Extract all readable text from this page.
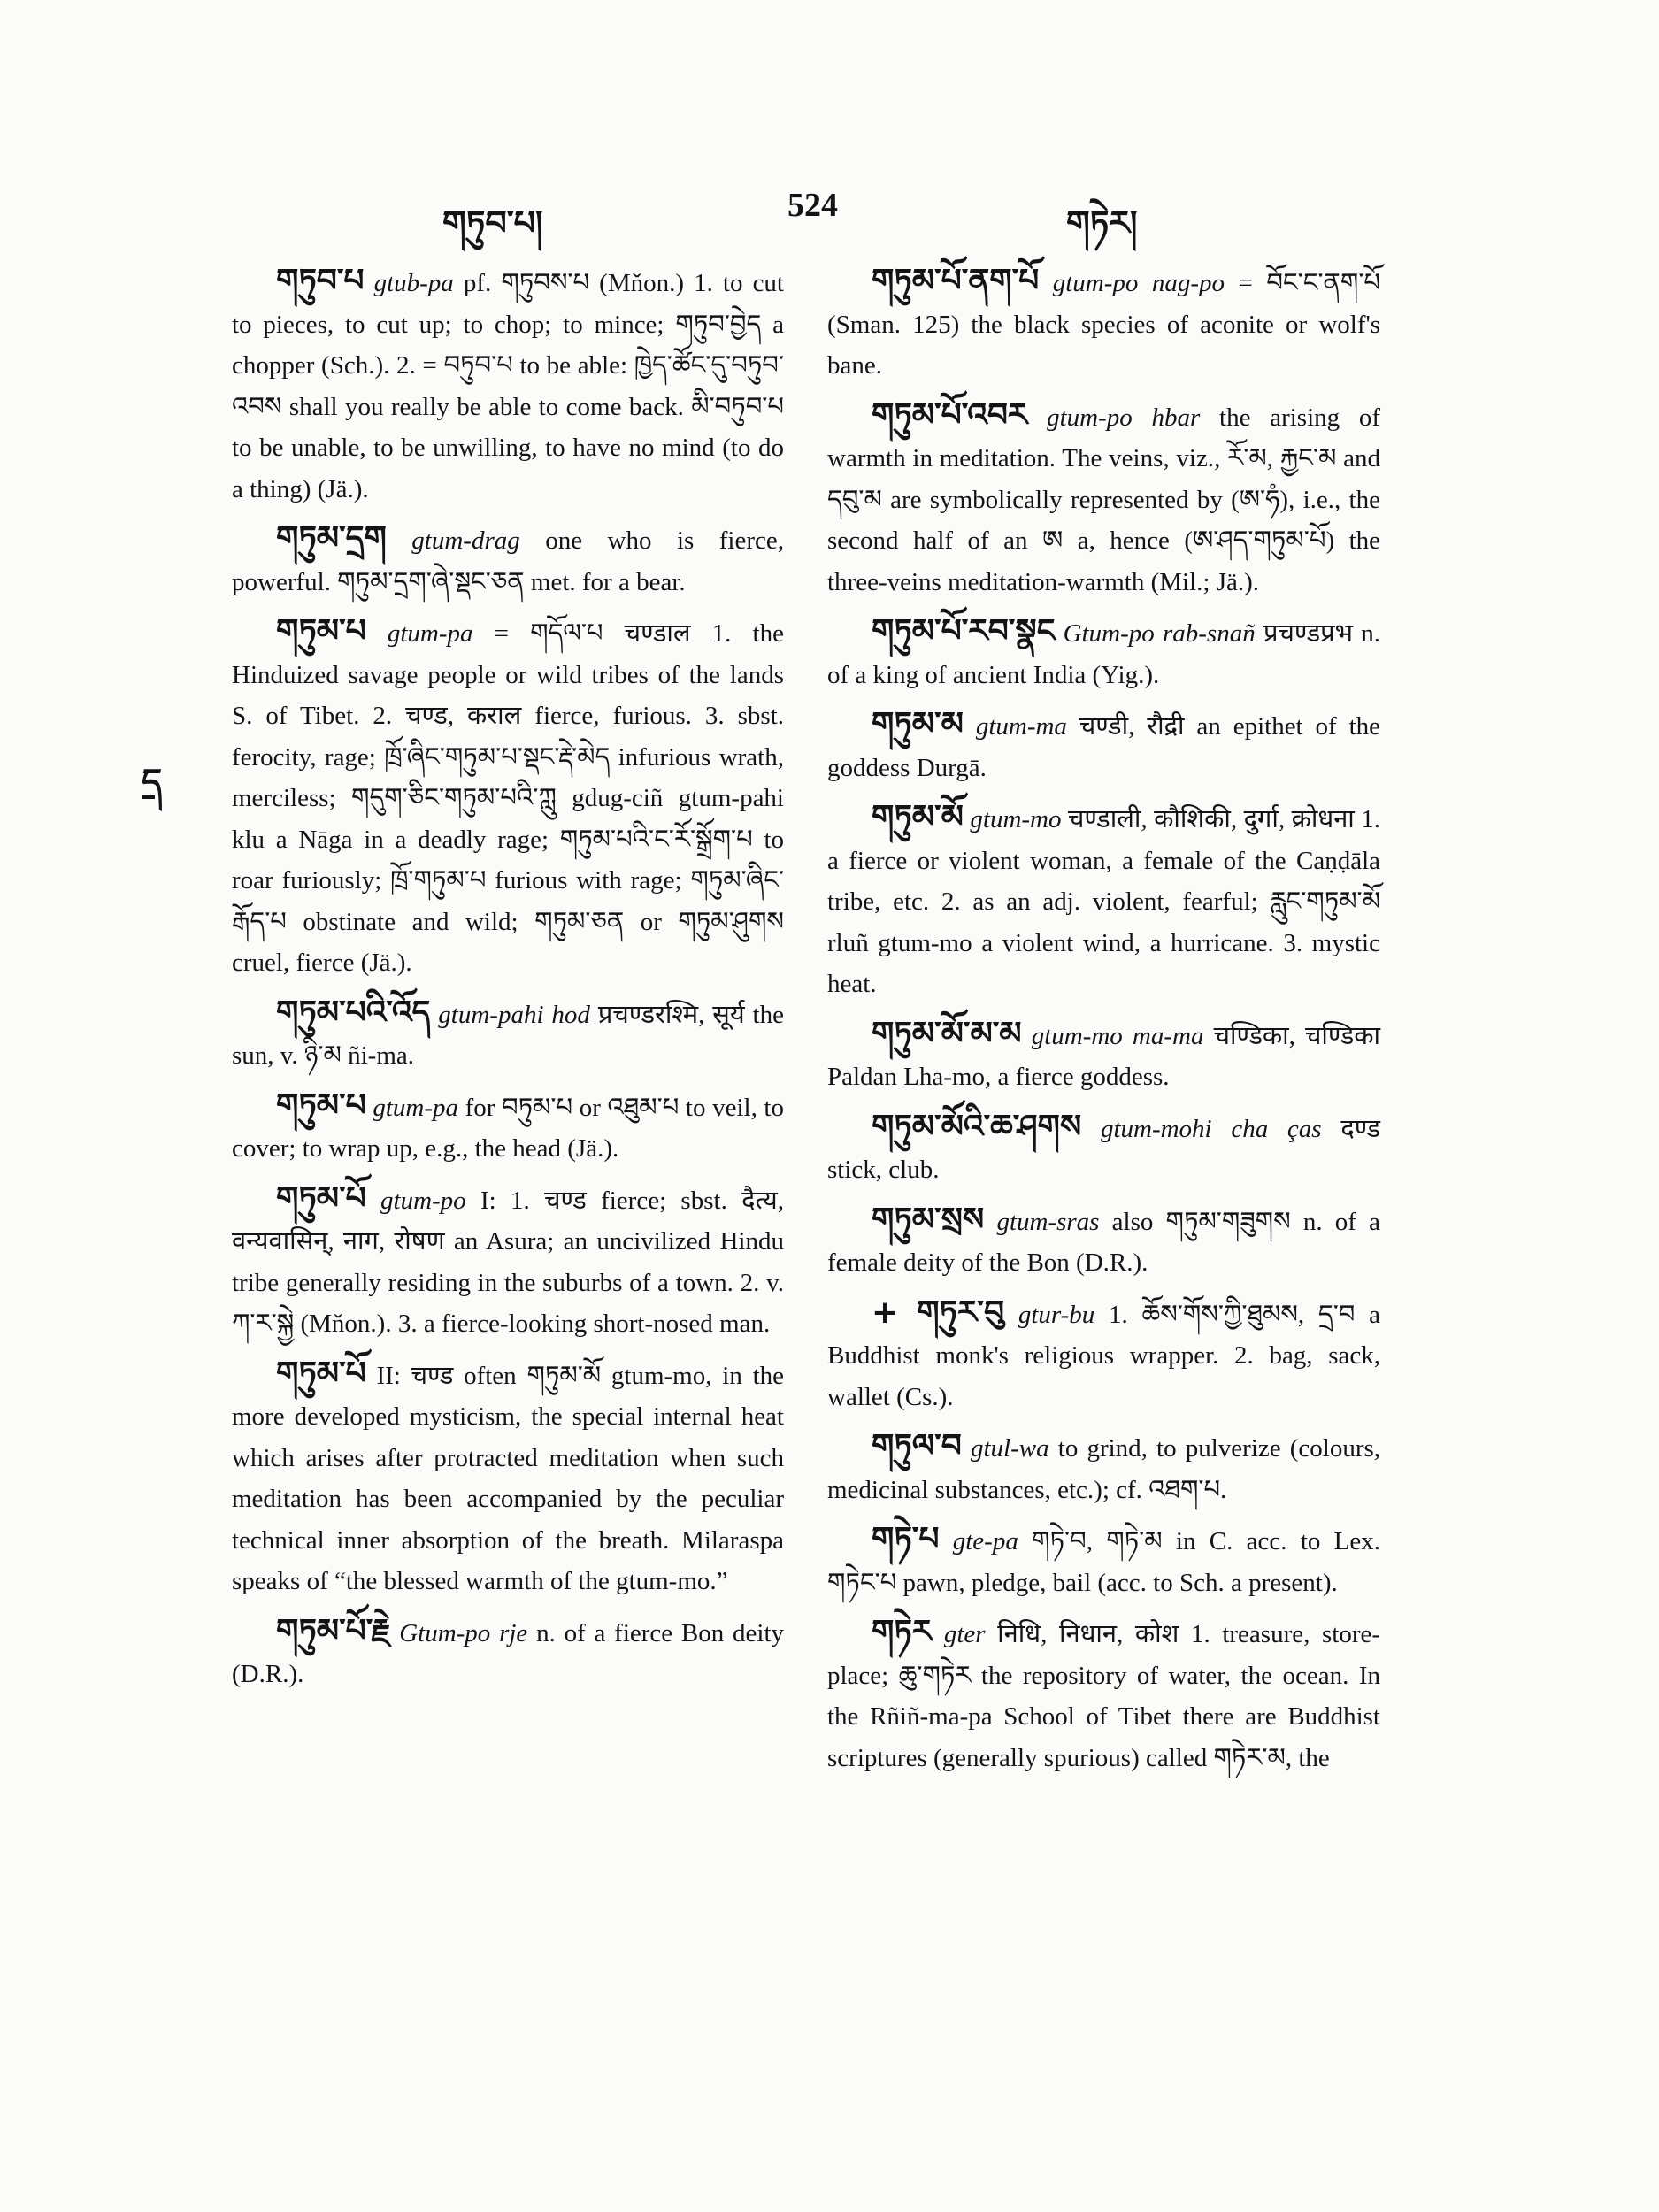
གཏུབ་པ།	524	གཏེར།
ད

གཏུབ་པ gtub-pa pf. གཏུབས་པ (Mňon.) 1. to cut to pieces, to cut up; to chop; to mince; གཏུབ་བྱེད a chopper (Sch.). 2. = བཏུབ་པ to be able: ཁྱེད་ཚོང་དུ་བཏུབ་འབས shall you really be able to come back. མི་བཏུབ་པ to be unable, to be unwilling, to have no mind (to do a thing) (Jä.).

གཏུམ་དྲག gtum-drag one who is fierce, powerful. གཏུམ་དྲག་ཞེ་སྡང་ཅན met. for a bear.

གཏུམ་པ gtum-pa = གདོལ་པ चण्डाल 1. the Hinduized savage people or wild tribes of the lands S. of Tibet. 2. चण्ड, कराल fierce, furious. 3. sbst. ferocity, rage; ཁྲོ་ཞིང་གཏུམ་པ་སྡང་རྡེ་མེད infurious wrath, merciless; གདུག་ཅིང་གཏུམ་པའི་ཀླུ gdug-ciñ gtum-pahi klu a Nāga in a deadly rage; གཏུམ་པའི་ང་རོ་སྒྲོག་པ to roar furiously; ཁྲོ་གཏུམ་པ furious with rage; གཏུམ་ཞིང་རྒོད་པ obstinate and wild; གཏུམ་ཅན or གཏུམ་ཤུགས cruel, fierce (Jä.).

གཏུམ་པའི་འོད gtum-pahi hod प्रचण्डरश्मि, सूर्य the sun, v. ཉི་མ ñi-ma.

གཏུམ་པ gtum-pa for བཏུམ་པ or འཐུམ་པ to veil, to cover; to wrap up, e.g., the head (Jä.).

གཏུམ་པོ gtum-po I: 1. चण्ड fierce; sbst. दैत्य, वन्यवासिन्, नाग, रोषण an Asura; an uncivilized Hindu tribe generally residing in the suburbs of a town. 2. v. ཀ་ར་སྐྱེ (Mňon.). 3. a fierce-looking short-nosed man.

གཏུམ་པོ II: चण्ड often གཏུམ་མོ gtum-mo, in the more developed mysticism, the special internal heat which arises after protracted meditation when such meditation has been accompanied by the peculiar technical inner absorption of the breath. Milaraspa speaks of “the blessed warmth of the gtum-mo.”

གཏུམ་པོ་རྗེ Gtum-po rje n. of a fierce Bon deity (D.R.).

གཏུམ་པོ་ནག་པོ gtum-po nag-po = བོང་ང་ནག་པོ (Sman. 125) the black species of aconite or wolf's bane.

གཏུམ་པོ་འབར gtum-po hbar the arising of warmth in meditation. The veins, viz., རོ་མ, རྐྱང་མ and དབུ་མ are symbolically represented by (ཨ་ཧཾ), i.e., the second half of an ཨ a, hence (ཨ་ཤད་གཏུམ་པོ) the three-veins meditation-warmth (Mil.; Jä.).

གཏུམ་པོ་རབ་སྣང Gtum-po rab-snañ प्रचण्डप्रभ n. of a king of ancient India (Yig.).

གཏུམ་མ gtum-ma चण्डी, रौद्री an epithet of the goddess Durgā.

གཏུམ་མོ gtum-mo चण्डाली, कौशिकी, दुर्गा, क्रोधना 1. a fierce or violent woman, a female of the Caṇḍāla tribe, etc. 2. as an adj. violent, fearful; རླུང་གཏུམ་མོ rluñ gtum-mo a violent wind, a hurricane. 3. mystic heat.

གཏུམ་མོ་མ་མ gtum-mo ma-ma चण्डिका, चण्डिका Paldan Lha-mo, a fierce goddess.

གཏུམ་མོའི་ཆ་ཤགས gtum-mohi cha ças दण्ड stick, club.

གཏུམ་སྲས gtum-sras also གཏུམ་གཟུགས n. of a female deity of the Bon (D.R.).

+ གཏུར་བུ gtur-bu 1. ཆོས་གོས་ཀྱི་ཐུམས, དྲ་བ a Buddhist monk's religious wrapper. 2. bag, sack, wallet (Cs.).

གཏུལ་བ gtul-wa to grind, to pulverize (colours, medicinal substances, etc.); cf. འཐག་པ.

གཏེ་པ gte-pa གཏེ་བ, གཏེ་མ in C. acc. to Lex. གཏེང་པ pawn, pledge, bail (acc. to Sch. a present).

གཏེར gter निधि, निधान, कोश 1. treasure, store-place; ཆུ་གཏེར the repository of water, the ocean. In the Rñiñ-ma-pa School of Tibet there are Buddhist scriptures (generally spurious) called གཏེར་མ, the
